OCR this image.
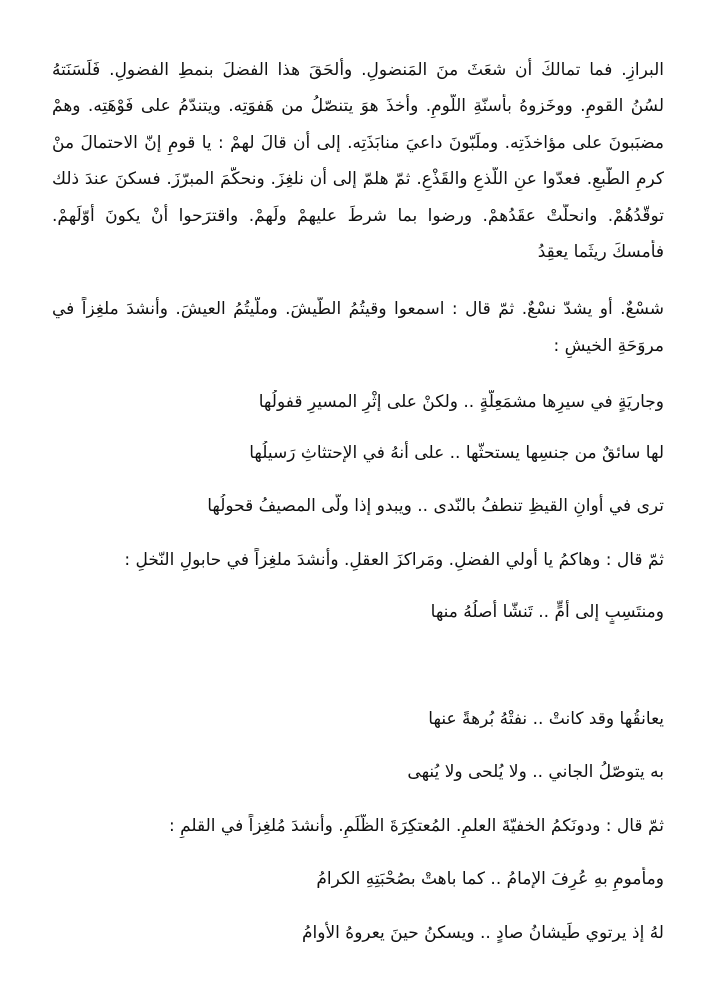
البرازِ. فما تمالكَ أن شعَثَ منَ المَنضولِ. وألحَقَ هذا الفضلَ بنمطِ الفضولِ. فَلَسَنَتهُ
لسُنُ القومِ. ووخَزوهُ بأسنّةِ اللّومِ. وأخذَ هوَ يتنصّلُ من هَفوَتِه. ويتندّمُ على فَوْهَتِه. وهمْ
مضبَبونَ على مؤاخذَتِه. وملَبّونَ داعيَ منابَذَتِه. إلى أن قالَ لهمْ : يا قومِ إنّ الاحتمالَ منْ
كرمِ الطّبعِ. فعدّوا عنِ اللّذعِ والقَذْعِ. ثمّ هلمّ إلى أن نلغِزَ. ونحكّمَ المبرّزَ. فسكنَ عندَ ذلك
توقّدُهُمْ. وانحلّتْ عقَدُهمْ. ورضوا بما شرطَ عليهمْ ولَهمْ. واقترَحوا أنْ يكونَ أوّلَهمْ.
فأمسكَ ريثَما يعقِدُ
شسْعٌ. أو يشدّ نسْعٌ. ثمّ قال : اسمعوا وقيتُمُ الطّيشَ. وملّيتُمُ العيشَ. وأنشدَ ملغِزاً في
مروَحَةِ الخيشِ :
وجاريَةٍ في سيرِها مشمَعِلّةٍ .. ولكنْ على إثْرِ المسيرِ قفولُها
لها سائقٌ من جنسِها يستحثّها .. على أنهُ في الإحتثاثِ رَسيلُها
ترى في أوانِ القيظِ تنطفُ بالنّدى .. ويبدو إذا ولّى المصيفُ قحولُها
ثمّ قال : وهاكمُ يا أولي الفضلِ. ومَراكزَ العقلِ. وأنشدَ ملغِزاً في حابولِ النّخلِ :
ومنتَسِبٍ إلى أمٍّ .. تَنشّا أصلُهُ منها
يعانقُها وقد كانتْ .. نفتْهُ بُرهةً عنها
به يتوصّلُ الجاني .. ولا يُلحى ولا يُنهى
ثمّ قال : ودونَكمُ الخفيّةَ العلمِ. المُعتكِرَةَ الظُّلَمِ. وأنشدَ مُلغِزاً في القلمِ :
ومأمومٍ بهِ عُرِفَ الإمامُ .. كما باهتْ بصُحْبَتِهِ الكرامُ
لهُ إذ يرتوي طَيشانُ صادٍ .. ويسكنُ حينَ يعروهُ الأوامُ
